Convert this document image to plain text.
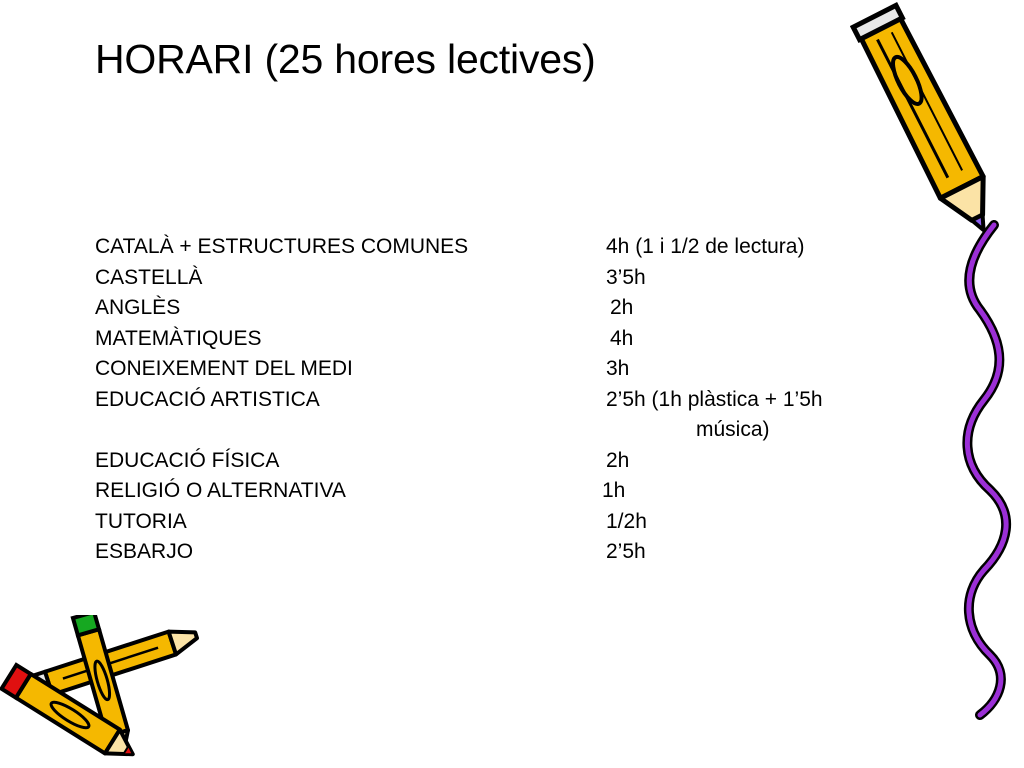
HORARI (25 hores lectives)
CATALÀ + ESTRUCTURES COMUNES	4h (1 i 1/2 de lectura)
CASTELLÀ	3’5h
ANGLÈS	2h
MATEMÀTIQUES	4h
CONEIXEMENT DEL MEDI	3h
EDUCACIÓ ARTISTICA	2’5h (1h plàstica + 1’5h
música)
EDUCACIÓ FÍSICA	2h
RELIGIÓ O ALTERNATIVA	1h
TUTORIA	1/2h
ESBARJO	2’5h
